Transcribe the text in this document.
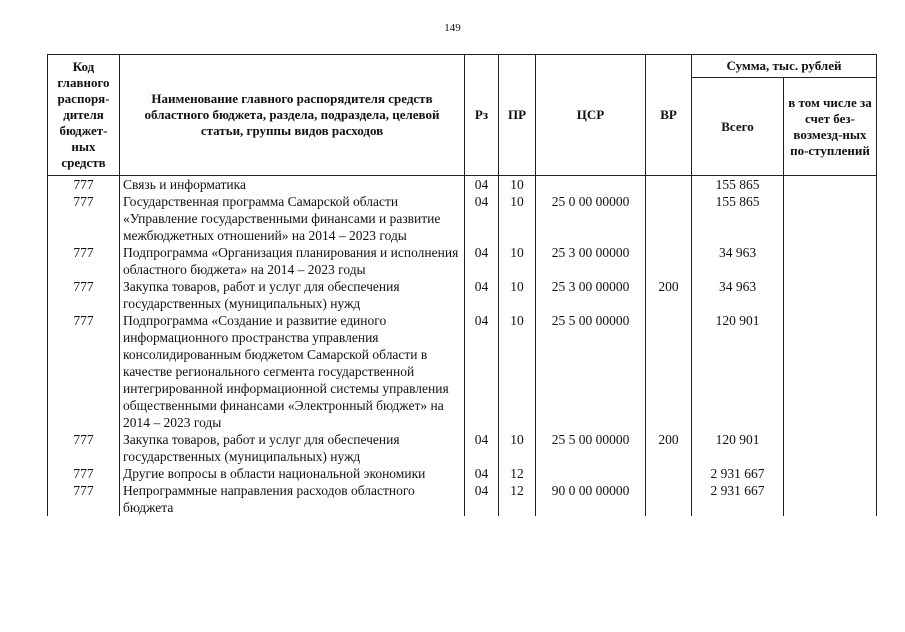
149
Код главного распоря-дителя бюджет-ных средств	Наименование главного распорядителя средств областного бюджета, раздела, подраздела, целевой статьи, группы видов расходов	Рз	ПР	ЦСР	ВР	Сумма, тыс. рублей	
						Всего	в том числе за счет без-возмезд-ных по-ступлений
777	Связь и информатика	04	10			155 865	
777	Государственная программа Самарской области «Управление государственными финансами и развитие межбюджетных отношений» на 2014 – 2023 годы	04	10	25 0 00 00000		155 865	
777	Подпрограмма «Организация планирования и исполнения областного бюджета» на 2014 – 2023 годы	04	10	25 3 00 00000		34 963	
777	Закупка товаров, работ и услуг для обеспечения государственных (муниципальных) нужд	04	10	25 3 00 00000	200	34 963	
777	Подпрограмма «Создание и развитие единого информационного пространства управления консолидированным бюджетом Самарской области в качестве регионального сегмента государственной интегрированной информационной системы управления общественными финансами «Электронный бюджет» на 2014 – 2023 годы	04	10	25 5 00 00000		120 901	
777	Закупка товаров, работ и услуг для обеспечения государственных (муниципальных) нужд	04	10	25 5 00 00000	200	120 901	
777	Другие вопросы в области национальной экономики	04	12			2 931 667	
777	Непрограммные направления расходов областного бюджета	04	12	90 0 00 00000		2 931 667	
